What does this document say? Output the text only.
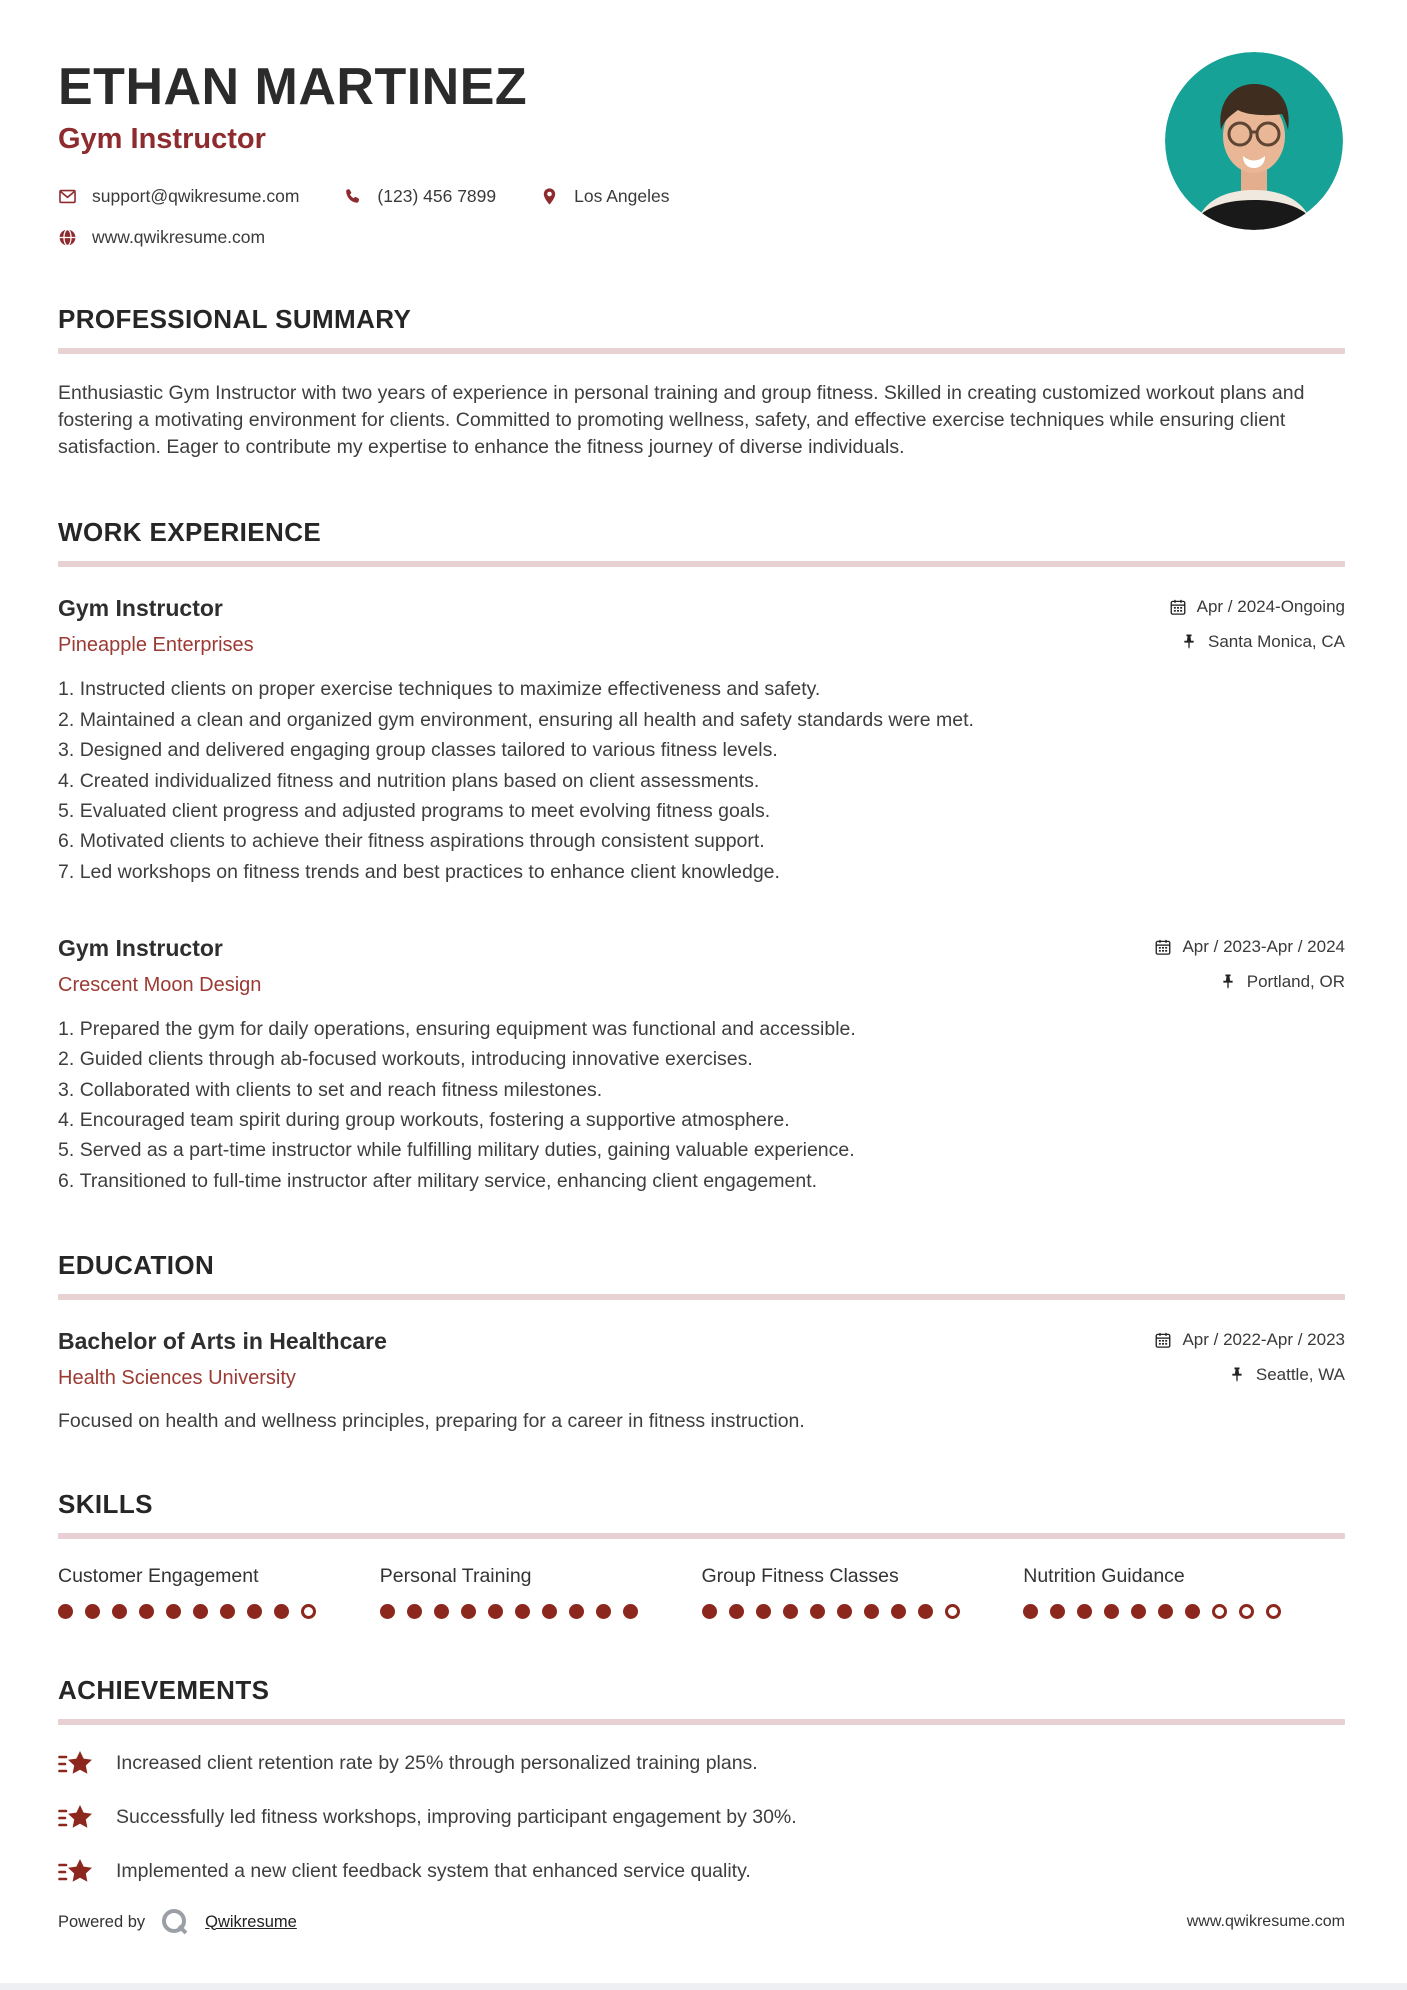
ETHAN MARTINEZ
Gym Instructor
support@qwikresume.com	(123) 456 7899	Los Angeles
www.qwikresume.com
PROFESSIONAL SUMMARY

Enthusiastic Gym Instructor with two years of experience in personal training and group fitness. Skilled in creating customized workout plans and fostering a motivating environment for clients. Committed to promoting wellness, safety, and effective exercise techniques while ensuring client satisfaction. Eager to contribute my expertise to enhance the fitness journey of diverse individuals.

WORK EXPERIENCE
Gym Instructor	Apr / 2024-Ongoing
Pineapple Enterprises	Santa Monica, CA
1. Instructed clients on proper exercise techniques to maximize effectiveness and safety.
2. Maintained a clean and organized gym environment, ensuring all health and safety standards were met.
3. Designed and delivered engaging group classes tailored to various fitness levels.
4. Created individualized fitness and nutrition plans based on client assessments.
5. Evaluated client progress and adjusted programs to meet evolving fitness goals.
6. Motivated clients to achieve their fitness aspirations through consistent support.
7. Led workshops on fitness trends and best practices to enhance client knowledge.
Gym Instructor	Apr / 2023-Apr / 2024
Crescent Moon Design	Portland, OR
1. Prepared the gym for daily operations, ensuring equipment was functional and accessible.
2. Guided clients through ab-focused workouts, introducing innovative exercises.
3. Collaborated with clients to set and reach fitness milestones.
4. Encouraged team spirit during group workouts, fostering a supportive atmosphere.
5. Served as a part-time instructor while fulfilling military duties, gaining valuable experience.
6. Transitioned to full-time instructor after military service, enhancing client engagement.
EDUCATION
Bachelor of Arts in Healthcare	Apr / 2022-Apr / 2023
Health Sciences University	Seattle, WA

Focused on health and wellness principles, preparing for a career in fitness instruction.

SKILLS
Customer Engagement	Personal Training	Group Fitness Classes	Nutrition Guidance
ACHIEVEMENTS
Increased client retention rate by 25% through personalized training plans.
Successfully led fitness workshops, improving participant engagement by 30%.
Implemented a new client feedback system that enhanced service quality.
Powered by	Qwikresume	www.qwikresume.com
